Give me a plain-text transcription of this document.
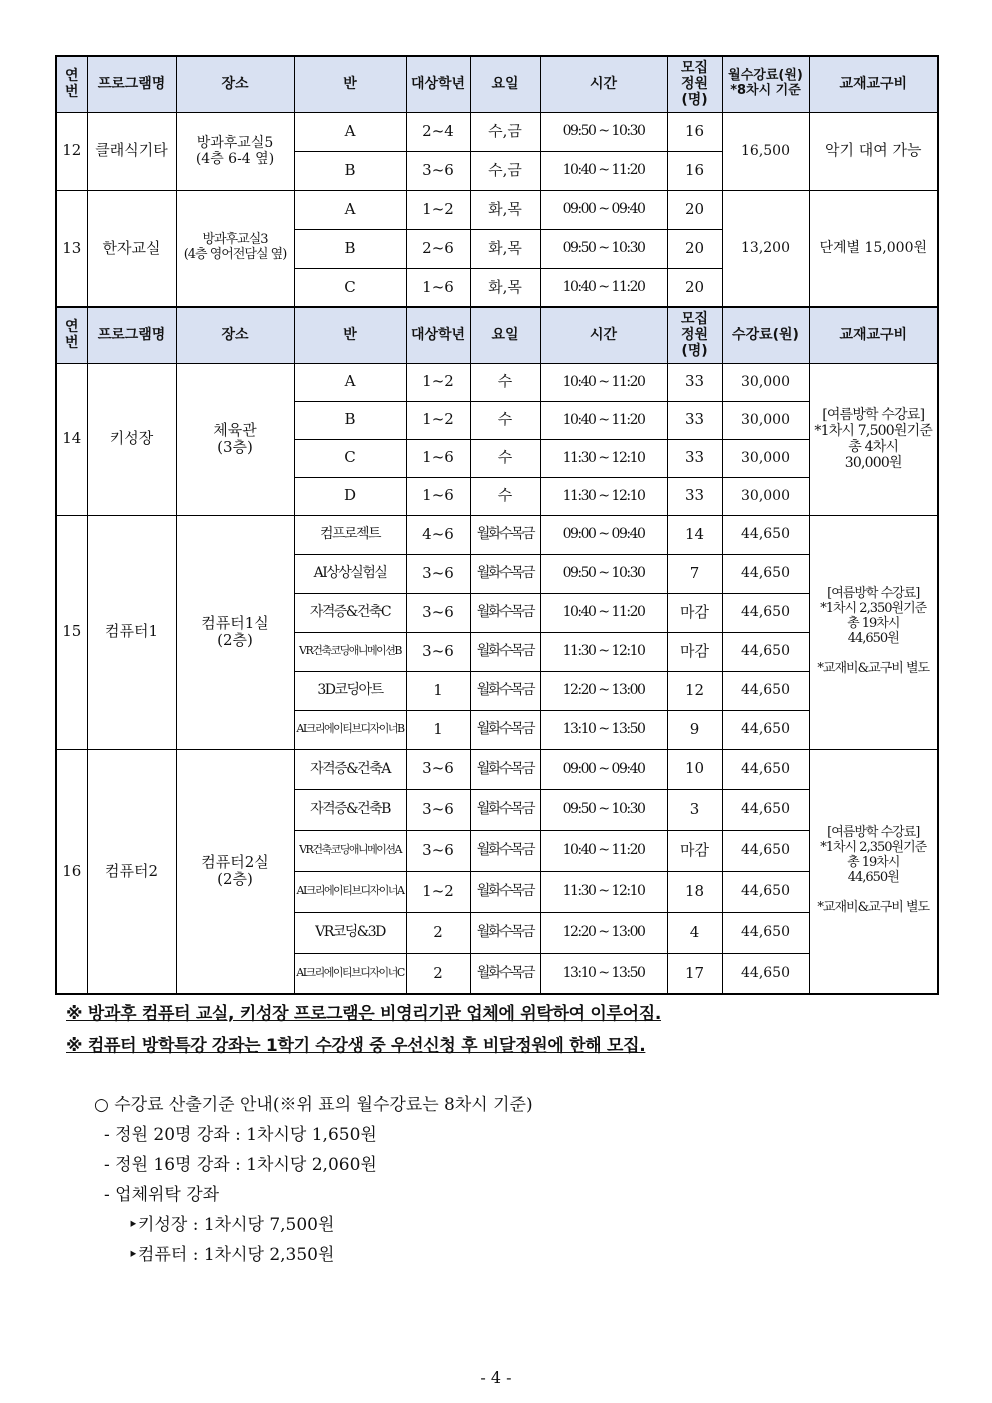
연
번	프로그램명	장소	반	대상학년	요일	시간	모집
정원
(명)	월수강료(원)
*8차시 기준	교재교구비
12	클래식기타	방과후교실5
(4층 6-4 옆)	A	2~4	수,금	09:50 ~ 10:30	16	16,500	악기 대여 가능
			B	3~6	수,금	10:40 ~ 11:20	16		
13	한자교실	방과후교실3
(4층 영어전담실 옆)	A	1~2	화,목	09:00 ~ 09:40	20	13,200	단계별 15,000원
			B	2~6	화,목	09:50 ~ 10:30	20		
			C	1~6	화,목	10:40 ~ 11:20	20		
연
번	프로그램명	장소	반	대상학년	요일	시간	모집
정원
(명)	수강료(원)	교재교구비
14	키성장	체육관
(3층)	A	1~2	수	10:40 ~ 11:20	33	30,000	[여름방학 수강료]
*1차시 7,500원기준
총 4차시
30,000원
			B	1~2	수	10:40 ~ 11:20	33	30,000	
			C	1~6	수	11:30 ~ 12:10	33	30,000	
			D	1~6	수	11:30 ~ 12:10	33	30,000	
15	컴퓨터1	컴퓨터1실
(2층)	컴프로젝트	4~6	월화수목금	09:00 ~ 09:40	14	44,650	[여름방학 수강료]
*1차시 2,350원기준
총 19차시
44,650원

*교재비&교구비 별도
			AI상상실험실	3~6	월화수목금	09:50 ~ 10:30	7	44,650	
			자격증&건축C	3~6	월화수목금	10:40 ~ 11:20	마감	44,650	
			VR건축코딩애니메이션B	3~6	월화수목금	11:30 ~ 12:10	마감	44,650	
			3D코딩아트	1	월화수목금	12:20 ~ 13:00	12	44,650	
			AI크리에이티브디자이너B	1	월화수목금	13:10 ~ 13:50	9	44,650	
16	컴퓨터2	컴퓨터2실
(2층)	자격증&건축A	3~6	월화수목금	09:00 ~ 09:40	10	44,650	[여름방학 수강료]
*1차시 2,350원기준
총 19차시
44,650원

*교재비&교구비 별도
			자격증&건축B	3~6	월화수목금	09:50 ~ 10:30	3	44,650	
			VR건축코딩애니메이션A	3~6	월화수목금	10:40 ~ 11:20	마감	44,650	
			AI크리에이티브디자이너A	1~2	월화수목금	11:30 ~ 12:10	18	44,650	
			VR코딩&3D	2	월화수목금	12:20 ~ 13:00	4	44,650	
			AI크리에이티브디자이너C	2	월화수목금	13:10 ~ 13:50	17	44,650	
※ 방과후 컴퓨터 교실, 키성장 프로그램은 비영리기관 업체에 위탁하여 이루어짐.
※ 컴퓨터 방학특강 강좌는 1학기 수강생 중 우선신청 후 비달정원에 한해 모집.
○ 수강료 산출기준 안내(※위 표의 월수강료는 8차시 기준)
- 정원 20명 강좌 : 1차시당 1,650원
- 정원 16명 강좌 : 1차시당 2,060원
- 업체위탁 강좌
‣키성장 : 1차시당 7,500원
‣컴퓨터 : 1차시당 2,350원
- 4 -
